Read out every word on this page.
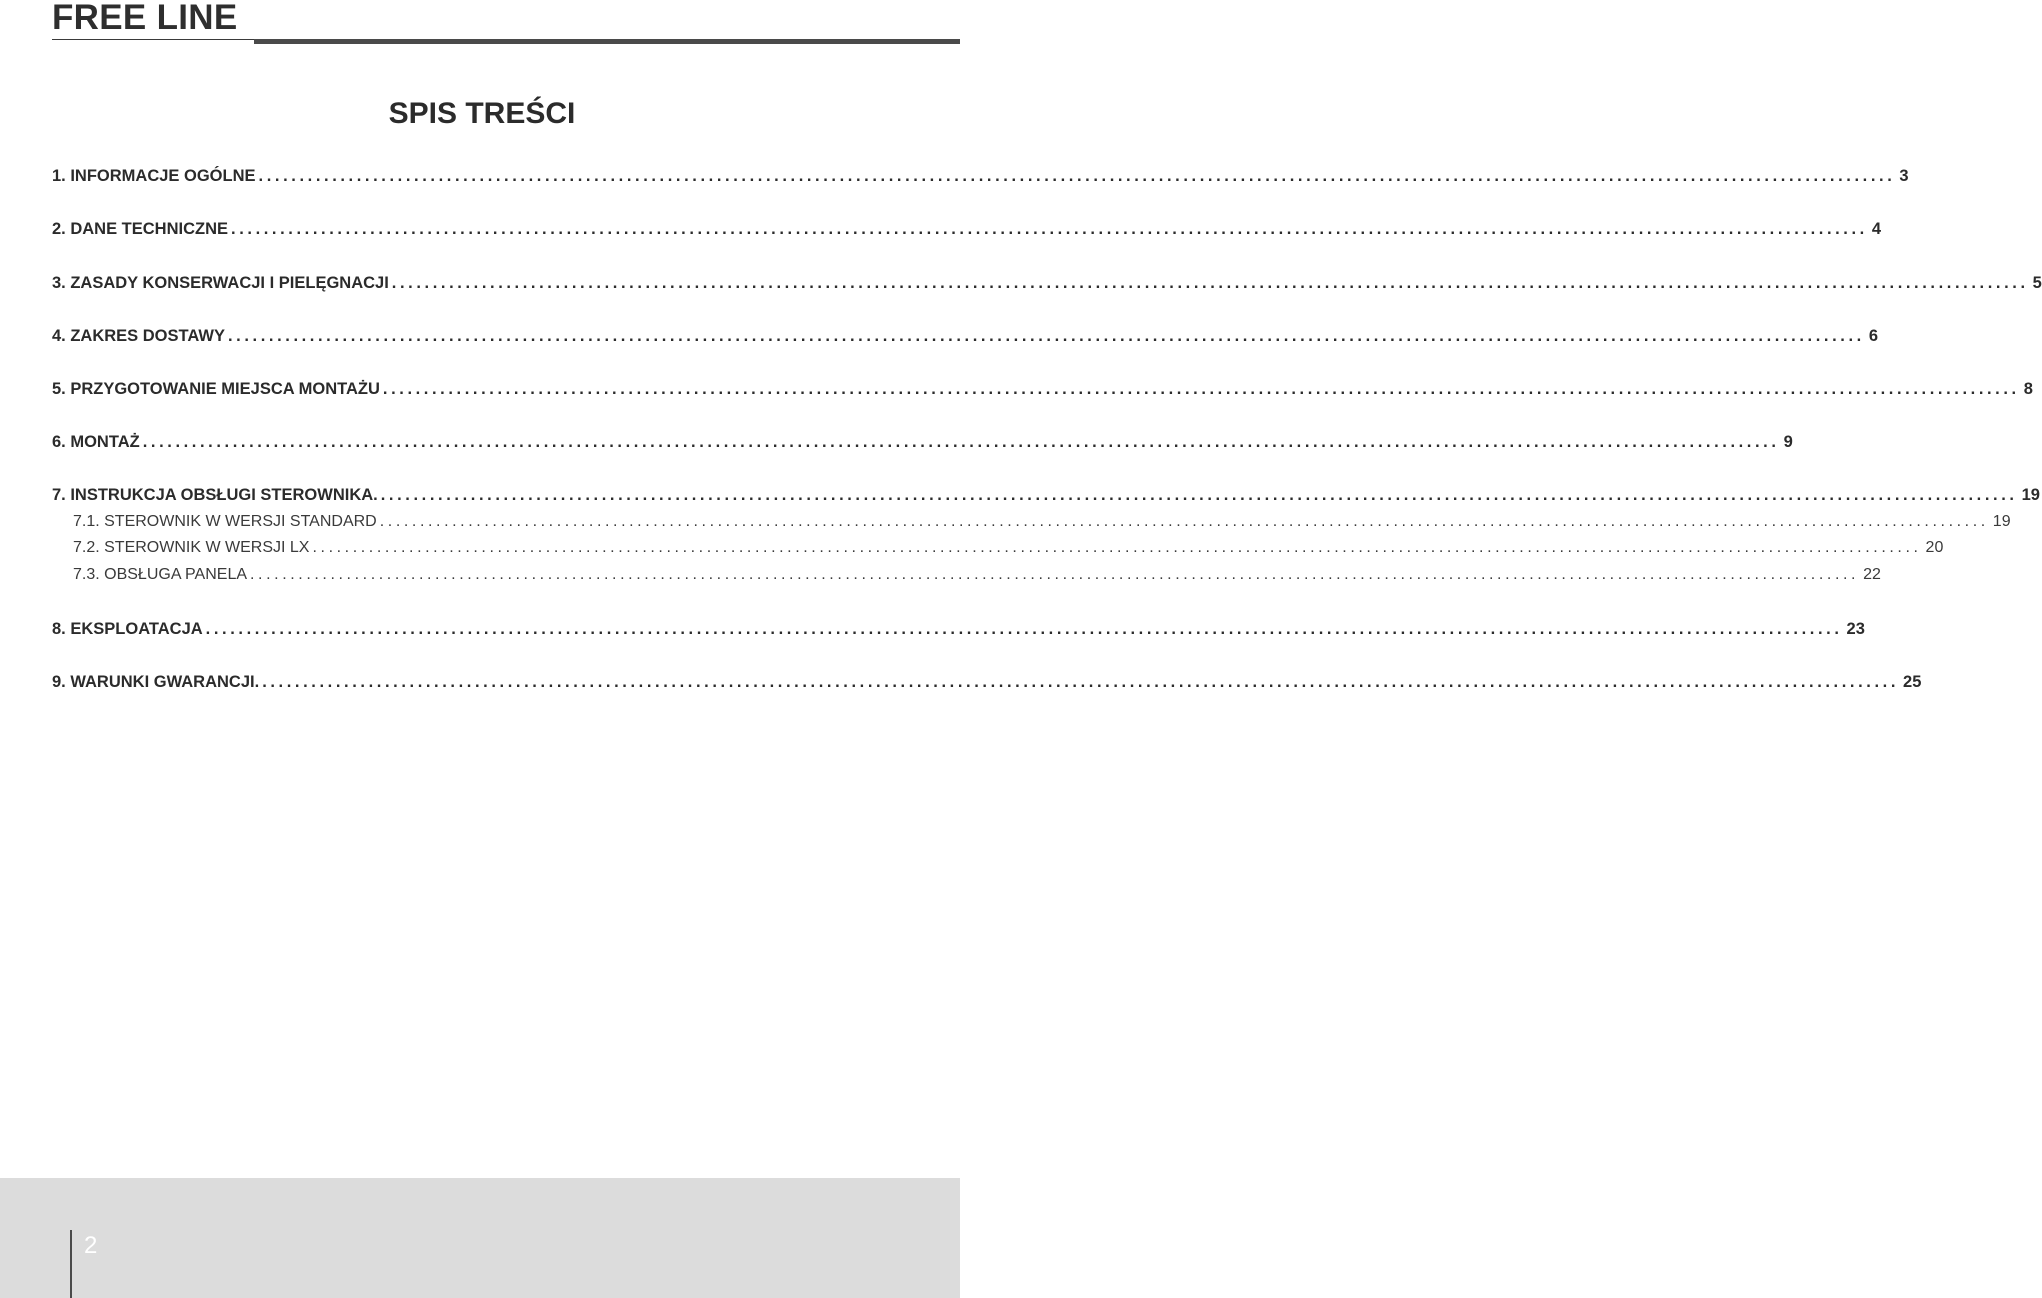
FREE LINE
SPIS TREŚCI
1. INFORMACJE OGÓLNE ........................................................................................................................................................................................................ 3
2. DANE TECHNICZNE ........................................................................................................................................................................................................ 4
3. ZASADY KONSERWACJI I PIELĘGNACJI ........................................................................................................................................................................................................ 5
4. ZAKRES DOSTAWY ........................................................................................................................................................................................................ 6
5. PRZYGOTOWANIE MIEJSCA MONTAŻU ........................................................................................................................................................................................................ 8
6. MONTAŻ ........................................................................................................................................................................................................ 9
7. INSTRUKCJA OBSŁUGI STEROWNIKA. ........................................................................................................................................................................................................ 19
7.1. STEROWNIK W WERSJI STANDARD ........................................................................................................................................................................................................ 19
7.2. STEROWNIK W WERSJI LX ........................................................................................................................................................................................................ 20
7.3. OBSŁUGA PANELA ........................................................................................................................................................................................................ 22
8. EKSPLOATACJA ........................................................................................................................................................................................................ 23
9. WARUNKI GWARANCJI. ........................................................................................................................................................................................................ 25
2
